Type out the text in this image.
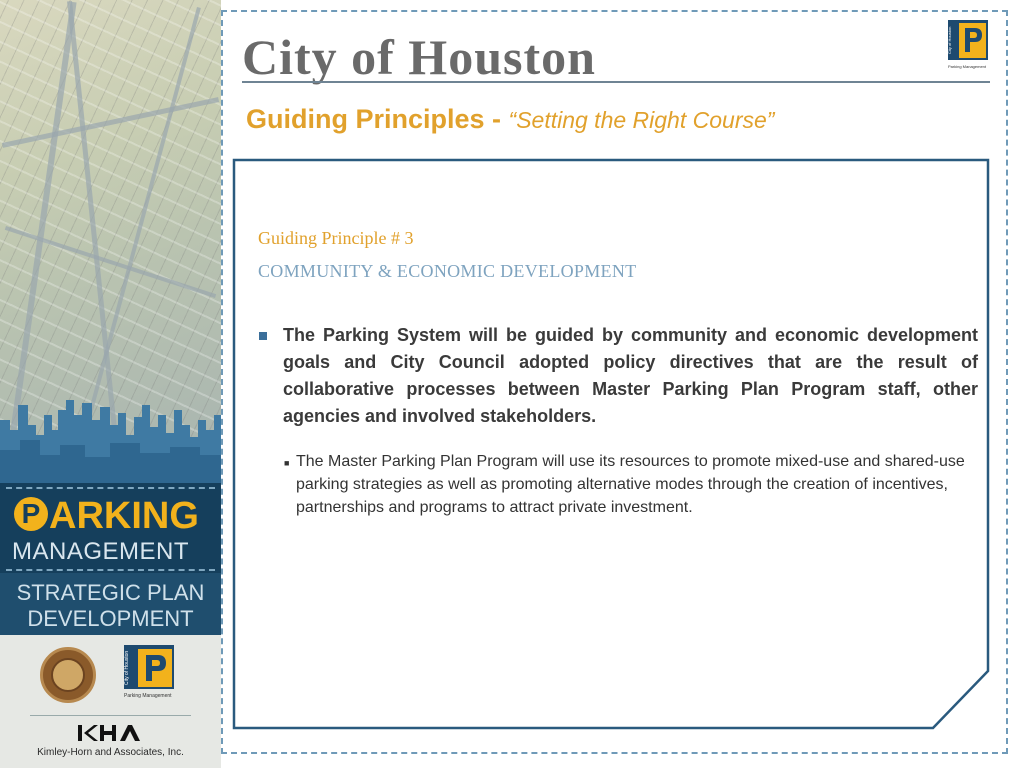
P ARKING
MANAGEMENT
STRATEGIC PLAN
DEVELOPMENT
City of Houston
Parking Management
Kimley-Horn and Associates, Inc.
City of Houston	City of Houston
Parking Management
Guiding Principles - “Setting the Right Course”
Guiding Principle # 3
COMMUNITY & ECONOMIC DEVELOPMENT
The Parking System will be guided by community and economic development goals and City Council adopted policy directives that are the result of collaborative processes between Master Parking Plan Program staff, other agencies and involved stakeholders.
■ The Master Parking Plan Program will use its resources to promote mixed-use and shared-use parking strategies as well as promoting alternative modes through the creation of incentives, partnerships and programs to attract private investment.
12
